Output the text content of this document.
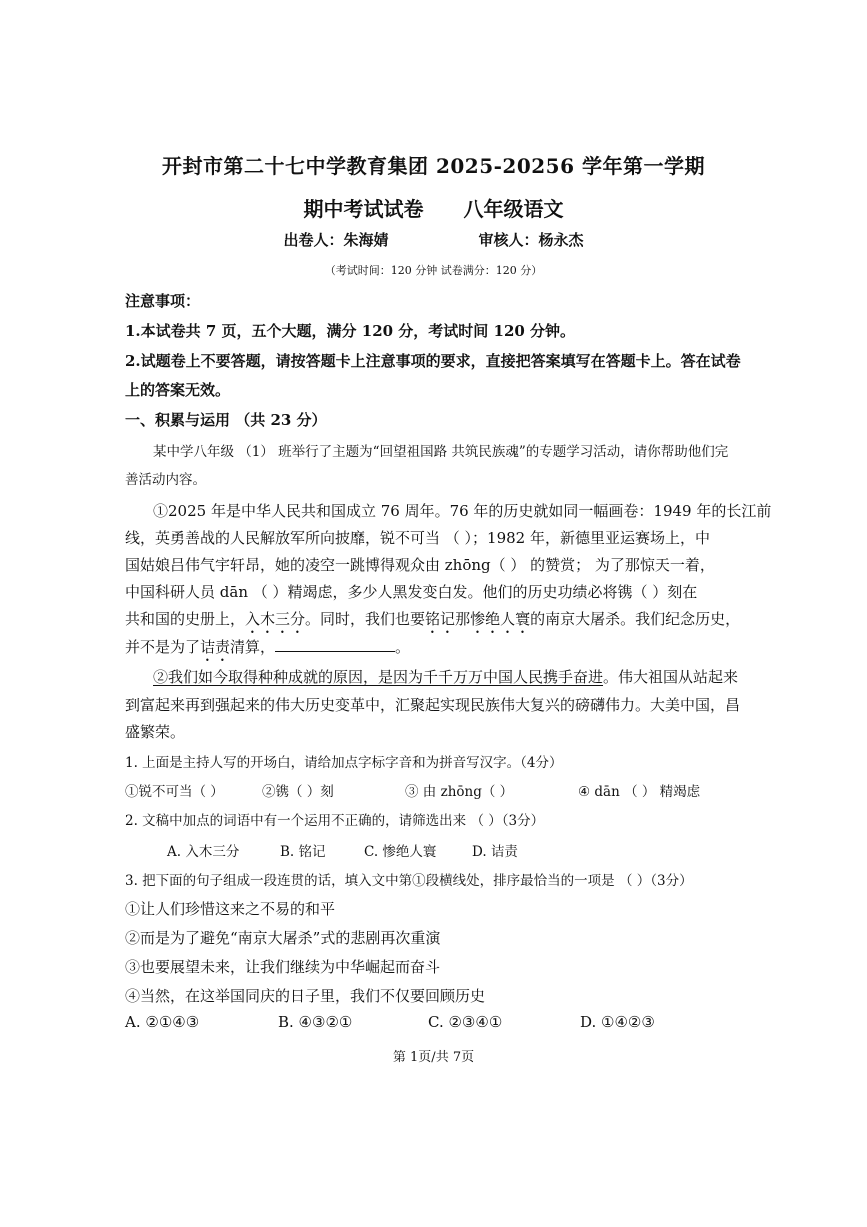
开封市第二十七中学教育集团 2025-20256 学年第一学期
期中考试试卷 八年级语文
出卷人：朱海婧	审核人：杨永杰
（考试时间：120 分钟 试卷满分：120 分）
注意事项：
1.本试卷共 7 页，五个大题，满分 120 分，考试时间 120 分钟。
2.试题卷上不要答题，请按答题卡上注意事项的要求，直接把答案填写在答题卡上。答在试卷
上的答案无效。
一、积累与运用 （共 23 分）
某中学八年级 （1） 班举行了主题为“回望祖国路 共筑民族魂”的专题学习活动，请你帮助他们完
善活动内容。
①2025 年是中华人民共和国成立 76 周年。76 年的历史就如同一幅画卷：1949 年的长江前
线，英勇善战的人民解放军所向披靡，锐不可当 （ ）；1982 年，新德里亚运赛场上，中
国姑娘吕伟气宇轩昂，她的凌空一跳博得观众由 zhōng（ ） 的赞赏； 为了那惊天一着，
中国科研人员 dān （ ）精竭虑，多少人黑发变白发。他们的历史功绩必将镌（ ）刻在
共和国的史册上，入木三分。同时，我们也要铭记那惨绝人寰的南京大屠杀。我们纪念历史，
并不是为了诘责清算，	。
②我们如今取得种种成就的原因，是因为千千万万中国人民携手奋进。伟大祖国从站起来
到富起来再到强起来的伟大历史变革中，汇聚起实现民族伟大复兴的磅礴伟力。大美中国，昌
盛繁荣。
1. 上面是主持人写的开场白，请给加点字标字音和为拼音写汉字。（4分）
①锐不可当（ ）	②镌（ ）刻	③ 由 zhōng（ ）	④ dān （ ） 精竭虑
2. 文稿中加点的词语中有一个运用不正确的，请筛选出来 （ ）（3分）
A. 入木三分	B. 铭记	C. 惨绝人寰	D. 诘责
3. 把下面的句子组成一段连贯的话，填入文中第①段横线处，排序最恰当的一项是 （ ）（3分）
①让人们珍惜这来之不易的和平
②而是为了避免“南京大屠杀”式的悲剧再次重演
③也要展望未来，让我们继续为中华崛起而奋斗
④当然，在这举国同庆的日子里，我们不仅要回顾历史
A. ②①④③	B. ④③②①	C. ②③④①	D. ①④②③
第 1页/共 7页
